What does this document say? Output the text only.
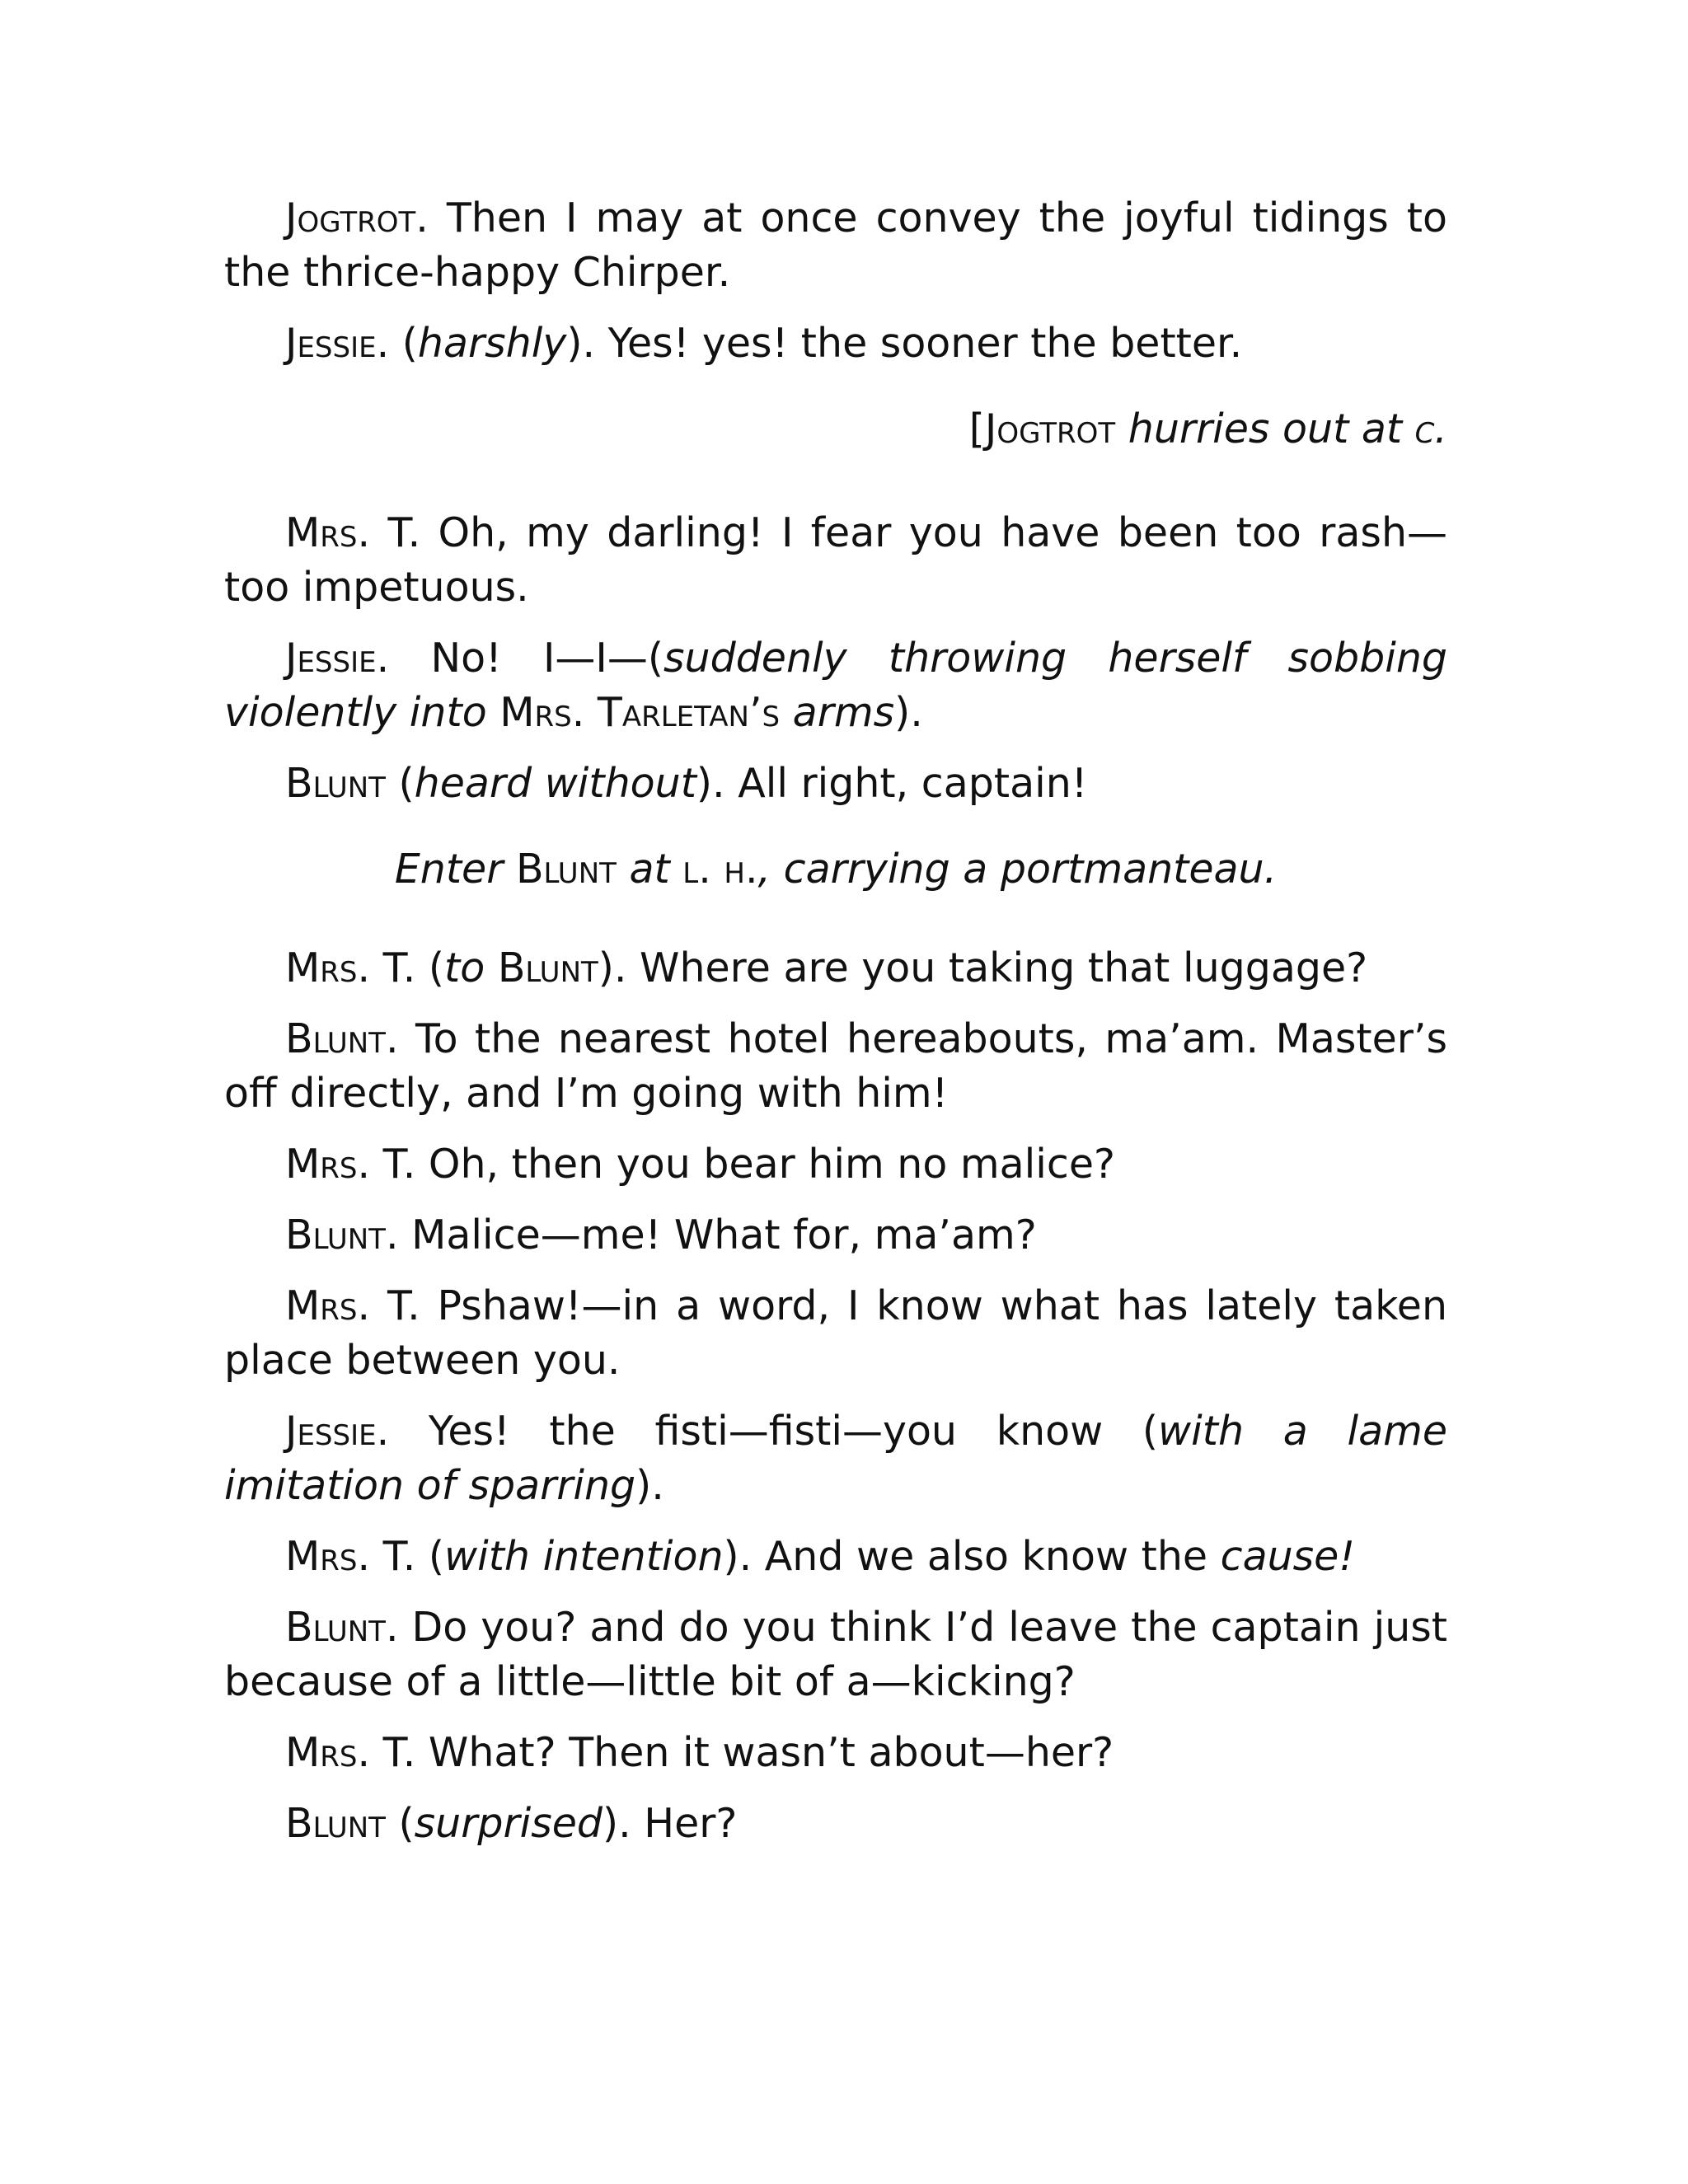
Jogtrot. Then I may at once convey the joyful tidings to the thrice-happy Chirper.

Jessie. (harshly). Yes! yes! the sooner the better.

[Jogtrot hurries out at c.

Mrs. T. Oh, my darling! I fear you have been too rash—too impetuous.

Jessie. No! I—I—(suddenly throwing herself sobbing violently into Mrs. Tarletan’s arms).

Blunt (heard without). All right, captain!

Enter Blunt at l. h., carrying a portmanteau.

Mrs. T. (to Blunt). Where are you taking that luggage?

Blunt. To the nearest hotel hereabouts, ma’am. Master’s off directly, and I’m going with him!

Mrs. T. Oh, then you bear him no malice?

Blunt. Malice—me! What for, ma’am?

Mrs. T. Pshaw!—in a word, I know what has lately taken place between you.

Jessie. Yes! the fisti—fisti—you know (with a lame imitation of sparring).

Mrs. T. (with intention). And we also know the cause!

Blunt. Do you? and do you think I’d leave the captain just because of a little—little bit of a—kicking?

Mrs. T. What? Then it wasn’t about—her?

Blunt (surprised). Her?
